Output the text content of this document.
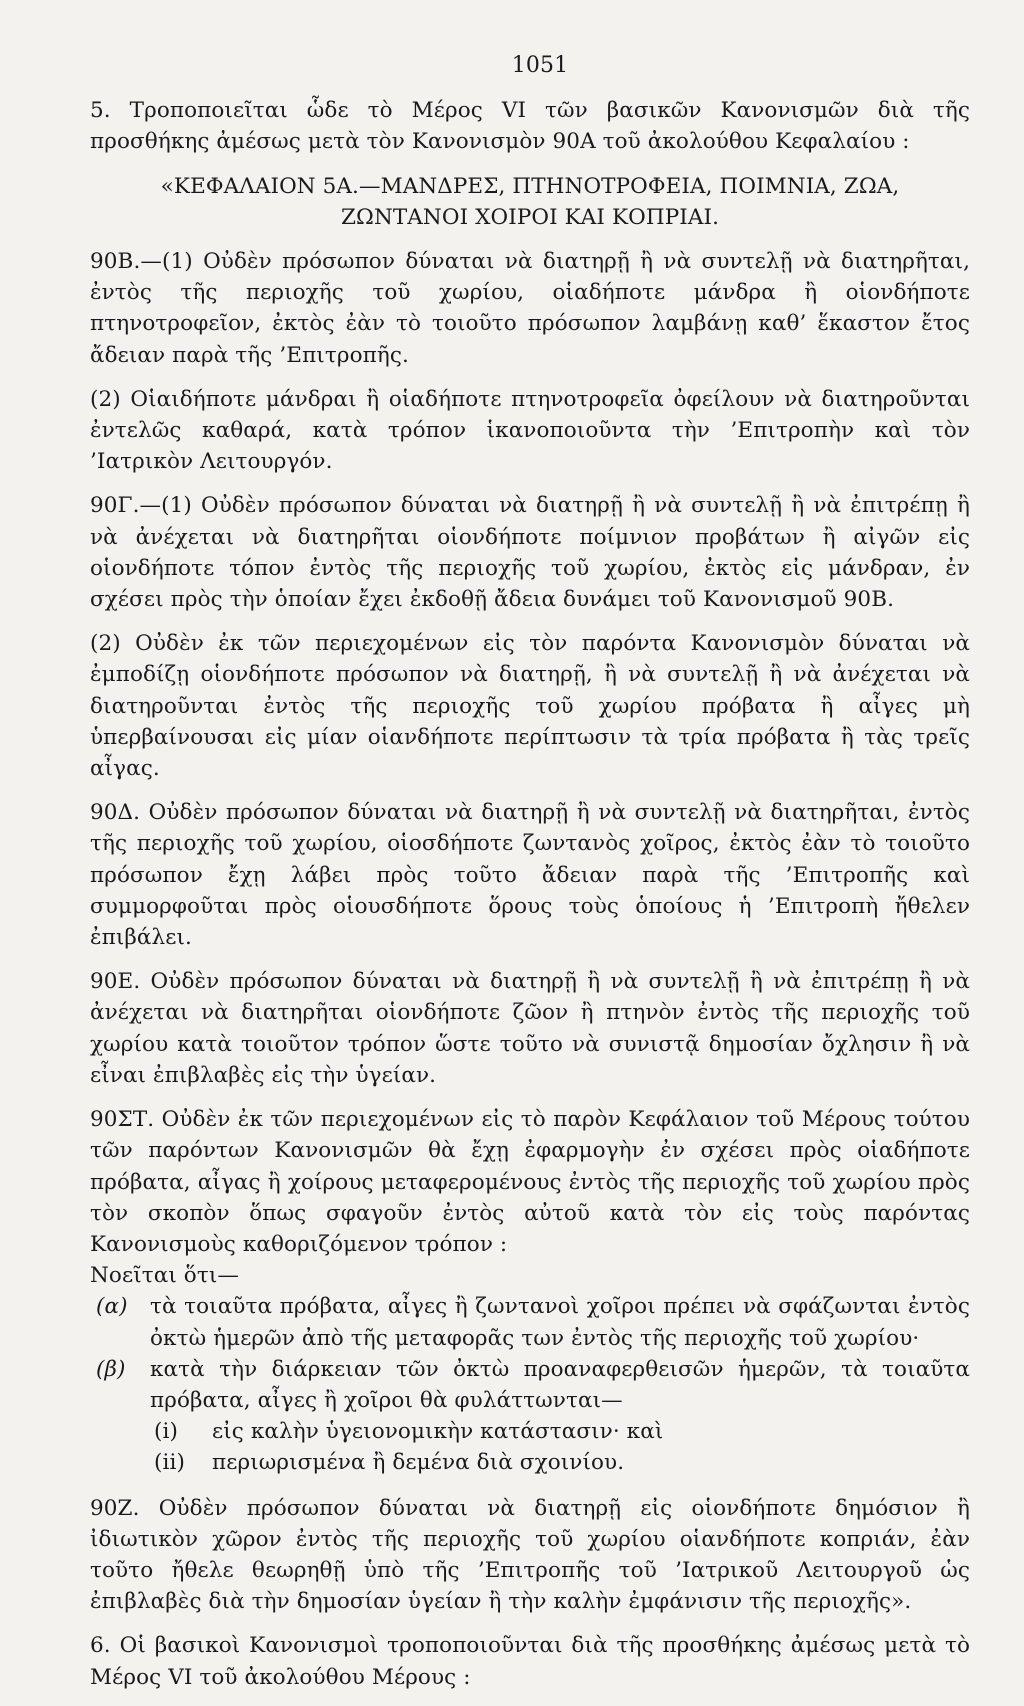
1051

5. Τροποποιεῖται ὧδε τὸ Μέρος VI τῶν βασικῶν Κανονισμῶν διὰ τῆς προσθήκης ἀμέσως μετὰ τὸν Κανονισμὸν 90Α τοῦ ἀκολούθου Κεφαλαίου :

«ΚΕΦΑΛΑΙΟΝ 5Α.—ΜΑΝΔΡΕΣ, ΠΤΗΝΟΤΡΟΦΕΙΑ, ΠΟΙΜΝΙΑ, ΖΩΑ,
ΖΩΝΤΑΝΟΙ ΧΟΙΡΟΙ ΚΑΙ ΚΟΠΡΙΑΙ.

90Β.—(1) Οὐδὲν πρόσωπον δύναται νὰ διατηρῇ ἢ νὰ συντελῇ νὰ διατηρῆται, ἐντὸς τῆς περιοχῆς τοῦ χωρίου, οἱαδήποτε μάνδρα ἢ οἱονδήποτε πτηνοτροφεῖον, ἐκτὸς ἐὰν τὸ τοιοῦτο πρόσωπον λαμβάνῃ καθ’ ἕκαστον ἔτος ἄδειαν παρὰ τῆς ’Επιτροπῆς.

(2) Οἱαιδήποτε μάνδραι ἢ οἱαδήποτε πτηνοτροφεῖα ὀφείλουν νὰ διατηροῦνται ἐντελῶς καθαρά, κατὰ τρόπον ἱκανοποιοῦντα τὴν ’Επιτροπὴν καὶ τὸν ’Ιατρικὸν Λειτουργόν.

90Γ.—(1) Οὐδὲν πρόσωπον δύναται νὰ διατηρῇ ἢ νὰ συντελῇ ἢ νὰ ἐπιτρέπῃ ἢ νὰ ἀνέχεται νὰ διατηρῆται οἱονδήποτε ποίμνιον προβάτων ἢ αἰγῶν εἰς οἱονδήποτε τόπον ἐντὸς τῆς περιοχῆς τοῦ χωρίου, ἐκτὸς εἰς μάνδραν, ἐν σχέσει πρὸς τὴν ὁποίαν ἔχει ἐκδοθῇ ἄδεια δυνάμει τοῦ Κανονισμοῦ 90Β.

(2) Οὐδὲν ἐκ τῶν περιεχομένων εἰς τὸν παρόντα Κανονισμὸν δύναται νὰ ἐμποδίζῃ οἱονδήποτε πρόσωπον νὰ διατηρῇ, ἢ νὰ συντελῇ ἢ νὰ ἀνέχεται νὰ διατηροῦνται ἐντὸς τῆς περιοχῆς τοῦ χωρίου πρόβατα ἢ αἶγες μὴ ὑπερβαίνουσαι εἰς μίαν οἱανδήποτε περίπτωσιν τὰ τρία πρόβατα ἢ τὰς τρεῖς αἶγας.

90Δ. Οὐδὲν πρόσωπον δύναται νὰ διατηρῇ ἢ νὰ συντελῇ νὰ διατηρῆται, ἐντὸς τῆς περιοχῆς τοῦ χωρίου, οἱοσδήποτε ζωντανὸς χοῖρος, ἐκτὸς ἐὰν τὸ τοιοῦτο πρόσωπον ἔχῃ λάβει πρὸς τοῦτο ἄδειαν παρὰ τῆς ’Επιτροπῆς καὶ συμμορφοῦται πρὸς οἱουσδήποτε ὅρους τοὺς ὁποίους ἡ ’Επιτροπὴ ἤθελεν ἐπιβάλει.

90Ε. Οὐδὲν πρόσωπον δύναται νὰ διατηρῇ ἢ νὰ συντελῇ ἢ νὰ ἐπιτρέπῃ ἢ νὰ ἀνέχεται νὰ διατηρῆται οἱονδήποτε ζῶον ἢ πτηνὸν ἐντὸς τῆς περιοχῆς τοῦ χωρίου κατὰ τοιοῦτον τρόπον ὥστε τοῦτο νὰ συνιστᾷ δημοσίαν ὄχλησιν ἢ νὰ εἶναι ἐπιβλαβὲς εἰς τὴν ὑγείαν.

90ΣΤ. Οὐδὲν ἐκ τῶν περιεχομένων εἰς τὸ παρὸν Κεφάλαιον τοῦ Μέρους τούτου τῶν παρόντων Κανονισμῶν θὰ ἔχῃ ἐφαρμογὴν ἐν σχέσει πρὸς οἱαδήποτε πρόβατα, αἶγας ἢ χοίρους μεταφερομένους ἐντὸς τῆς περιοχῆς τοῦ χωρίου πρὸς τὸν σκοπὸν ὅπως σφαγοῦν ἐντὸς αὐτοῦ κατὰ τὸν εἰς τοὺς παρόντας Κανονισμοὺς καθοριζόμενον τρόπον :

Νοεῖται ὅτι—
(α)	τὰ τοιαῦτα πρόβατα, αἶγες ἢ ζωντανοὶ χοῖροι πρέπει νὰ σφάζωνται ἐντὸς ὀκτὼ ἡμερῶν ἀπὸ τῆς μεταφορᾶς των ἐντὸς τῆς περιοχῆς τοῦ χωρίου·
(β)	κατὰ τὴν διάρκειαν τῶν ὀκτὼ προαναφερθεισῶν ἡμερῶν, τὰ τοιαῦτα πρόβατα, αἶγες ἢ χοῖροι θὰ φυλάττωνται—
(i)	εἰς καλὴν ὑγειονομικὴν κατάστασιν· καὶ
(ii)	περιωρισμένα ἢ δεμένα διὰ σχοινίου.

90Ζ. Οὐδὲν πρόσωπον δύναται νὰ διατηρῇ εἰς οἱονδήποτε δημόσιον ἢ ἰδιωτικὸν χῶρον ἐντὸς τῆς περιοχῆς τοῦ χωρίου οἱανδήποτε κοπριάν, ἐὰν τοῦτο ἤθελε θεωρηθῇ ὑπὸ τῆς ’Επιτροπῆς τοῦ ’Ιατρικοῦ Λειτουργοῦ ὡς ἐπιβλαβὲς διὰ τὴν δημοσίαν ὑγείαν ἢ τὴν καλὴν ἐμφάνισιν τῆς περιοχῆς».

6. Οἱ βασικοὶ Κανονισμοὶ τροποποιοῦνται διὰ τῆς προσθήκης ἀμέσως μετὰ τὸ Μέρος VI τοῦ ἀκολούθου Μέρους :
